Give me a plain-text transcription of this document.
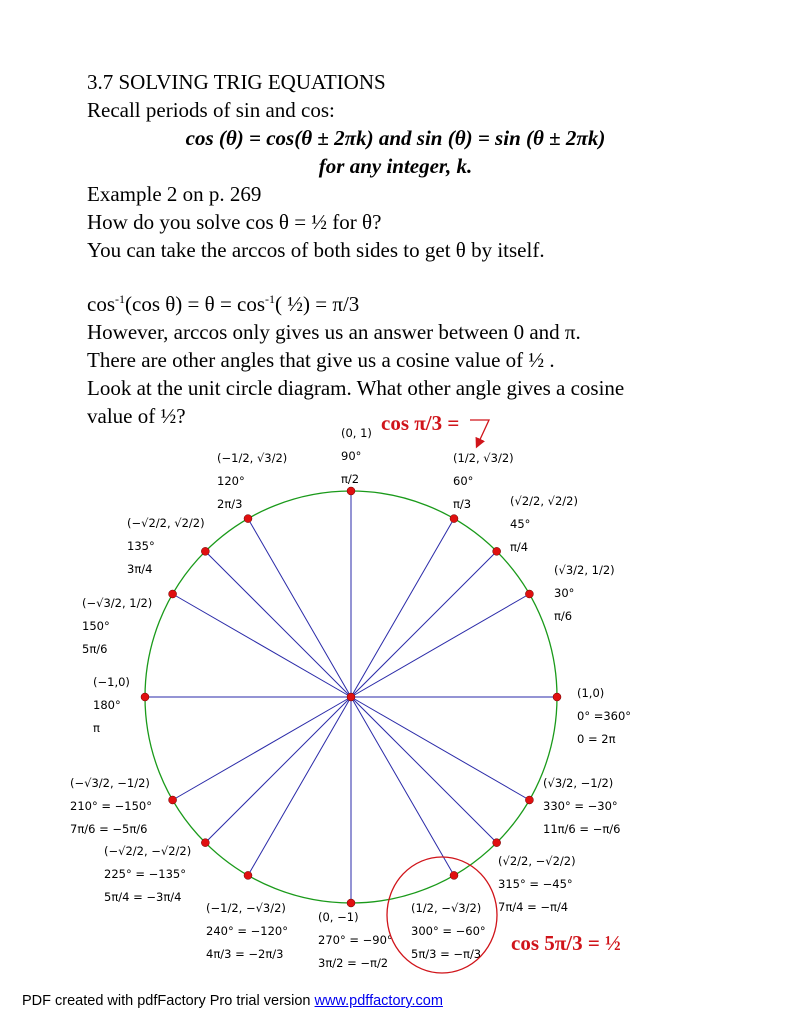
3.7 SOLVING TRIG EQUATIONS
Recall periods of sin and cos:
cos (θ) = cos(θ ± 2πk) and sin (θ) = sin (θ ± 2πk)
for any integer, k.
Example 2 on p. 269
How do you solve cos θ = ½ for θ?
You can take the arccos of both sides to get θ by itself.
$\cos^{-1}(\cos$ $\theta) = \theta = \cos^{-1}$( ½) = π/3
However, arccos only gives us an answer between 0 and π.
There are other angles that give us a cosine value of ½ .
Look at the unit circle diagram. What other angle gives a cosine
value of ½?
(1,0)
0° =360°
0 = 2π
(√3/2, 1/2)
30°
π/6
(√2/2, √2/2)
45°
π/4
(1/2, √3/2)
60°
π/3
(0, 1)
90°
π/2
(−1/2, √3/2)
120°
2π/3
(−√2/2, √2/2)
135°
3π/4
(−√3/2, 1/2)
150°
5π/6
(−1,0)
180°
π
(−√3/2, −1/2)
210° = −150°
7π/6 = −5π/6
(−√2/2, −√2/2)
225° = −135°
5π/4 = −3π/4
(−1/2, −√3/2)
240° = −120°
4π/3 = −2π/3
(0, −1)
270° = −90°
3π/2 = −π/2
(1/2, −√3/2)
300° = −60°
5π/3 = −π/3
(√2/2, −√2/2)
315° = −45°
7π/4 = −π/4
(√3/2, −1/2)
330° = −30°
11π/6 = −π/6
cos π/3 =
cos 5π/3 = ½
PDF created with pdfFactory Pro trial version www.pdffactory.com
